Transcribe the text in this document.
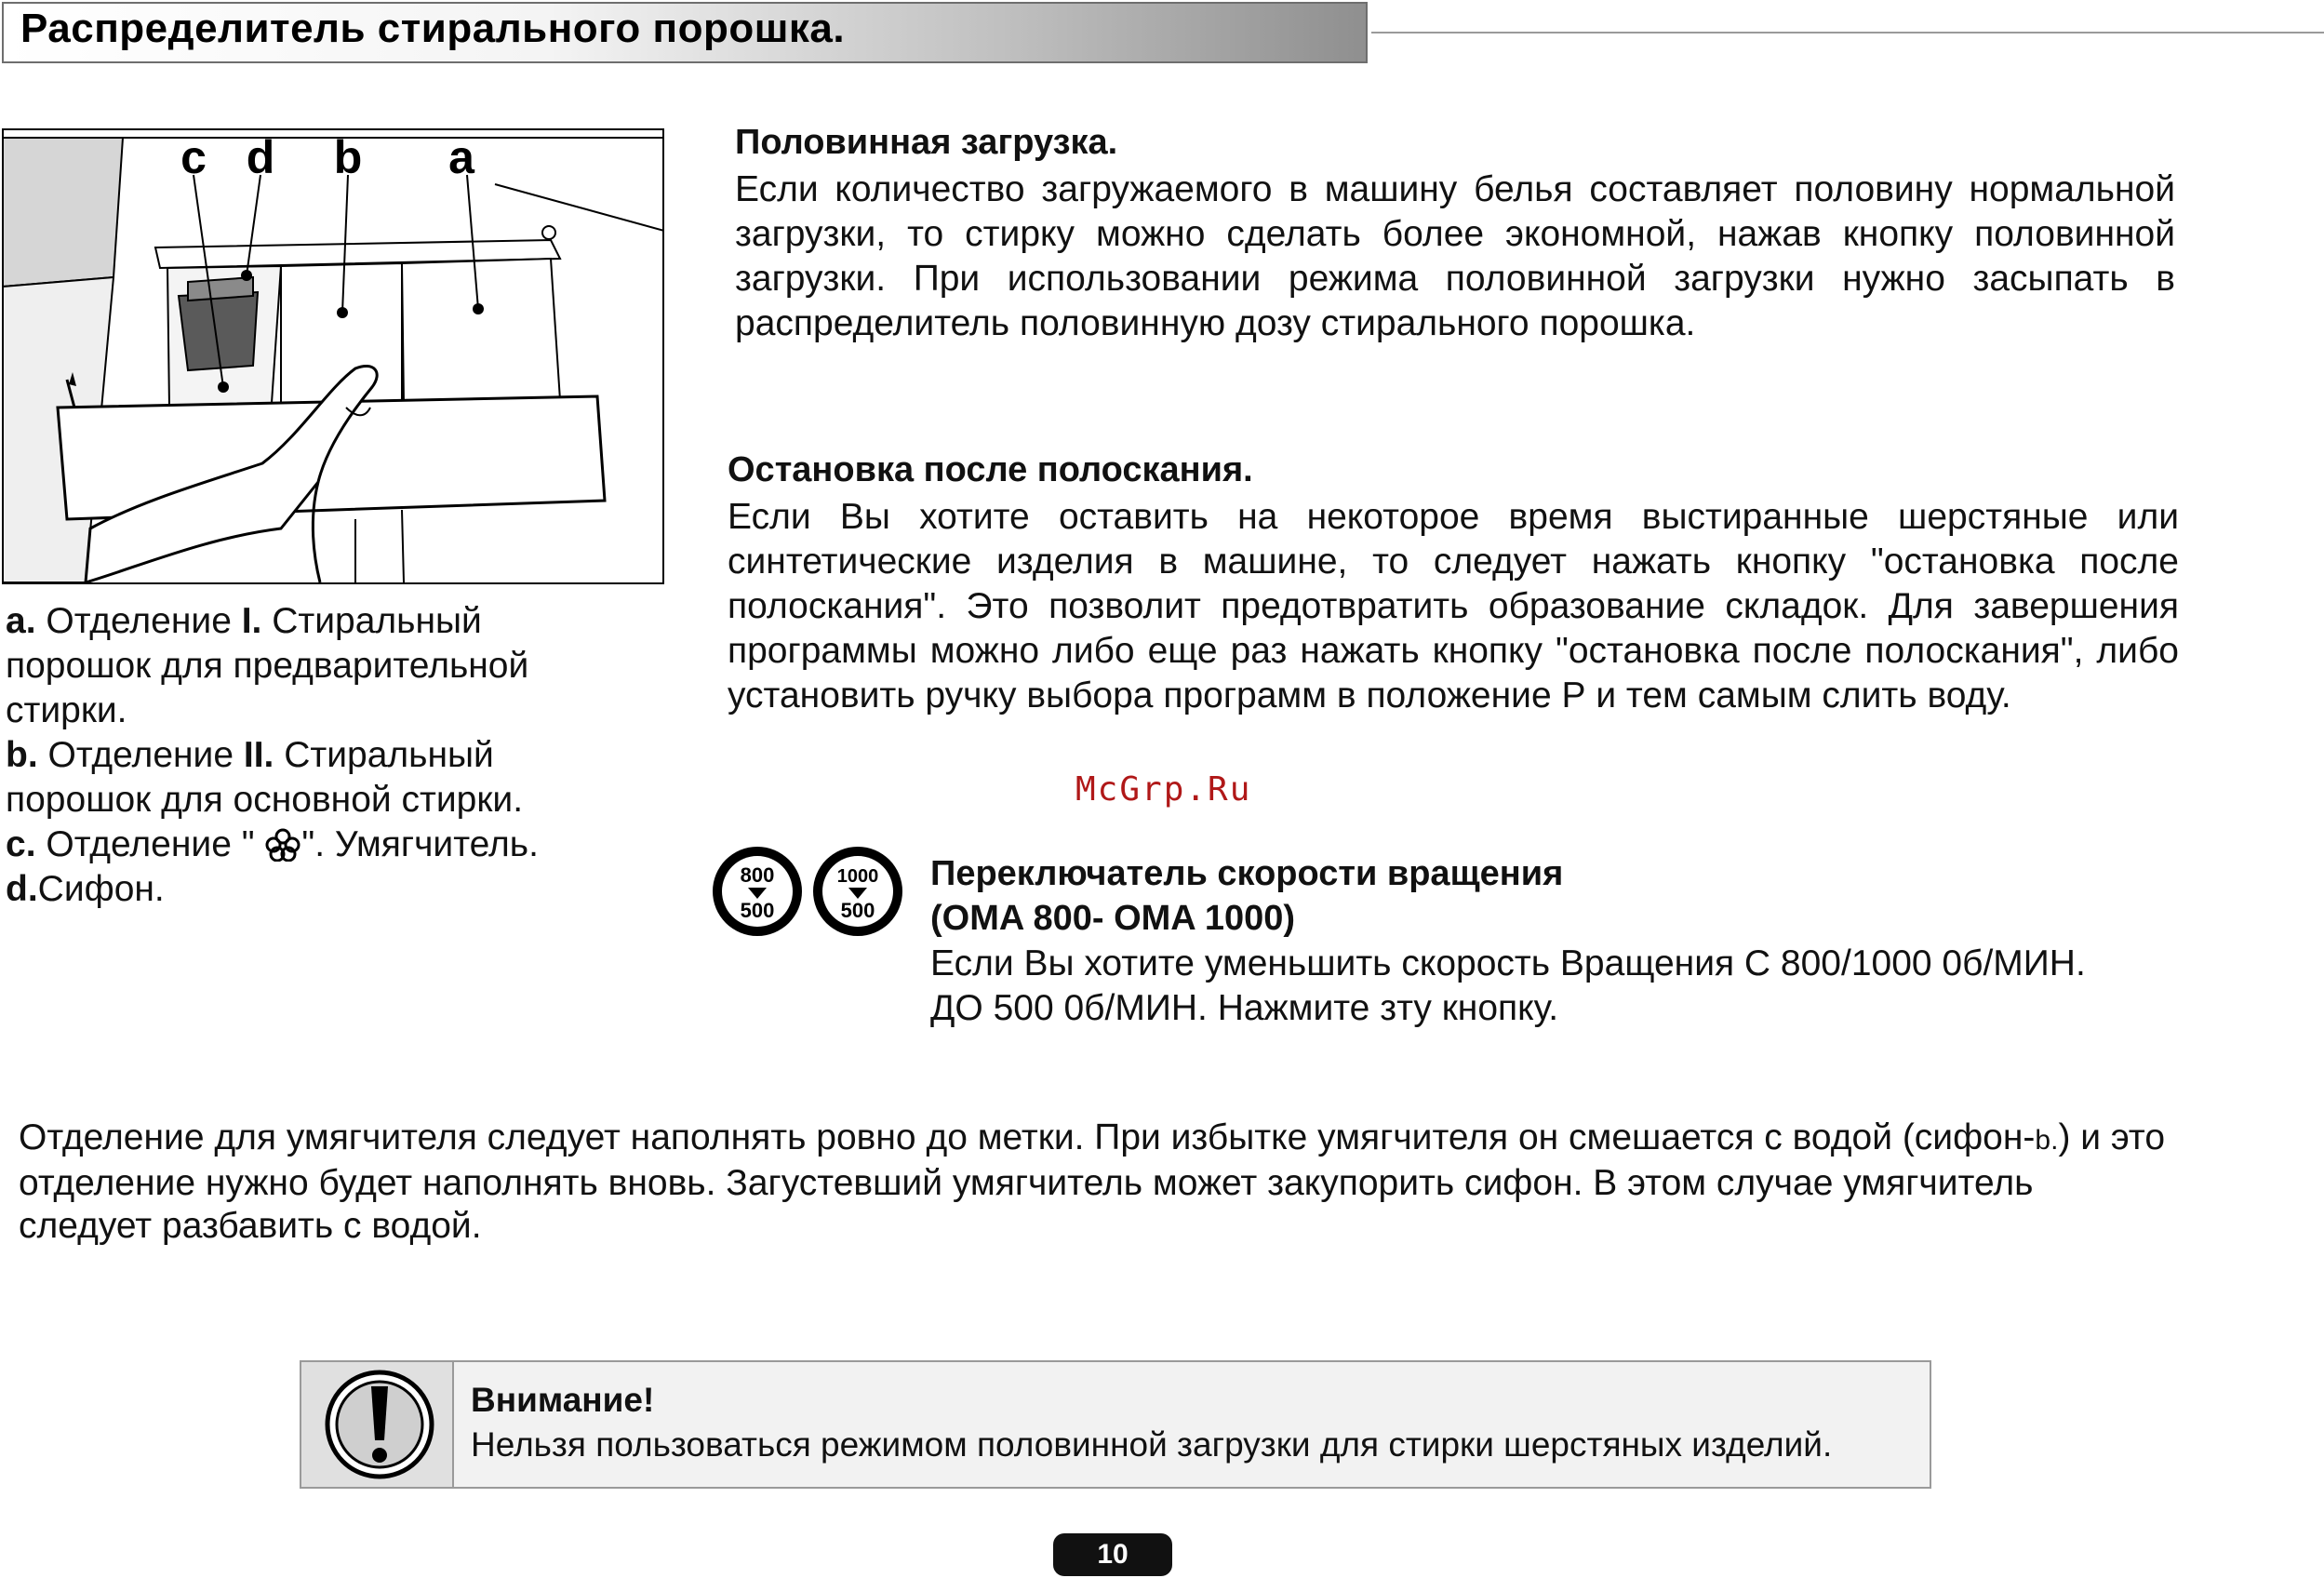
Распределитель стирального порошка.
c d b a
a. Отделение I. Стиральный
порошок для предварительной
стирки.
b. Отделение II. Стиральный
порошок для основной стирки.
c. Отделение " ". Умягчитель.
d.Сифон.
Половинная загрузка.
Если количество загружаемого в машину белья составляет половину нормальной загрузки, то стирку можно сделать более экономной, нажав кнопку половинной загрузки. При использовании режима половинной загрузки нужно засыпать в распределитель половинную дозу стирального порошка.
Остановка после полоскания.
Если Вы хотите оставить на некоторое время выстиранные шерстяные или синтетические изделия в машине, то следует нажать кнопку "остановка после полоскания". Это позволит предотвратить образование складок. Для завершения программы можно либо еще раз нажать кнопку "остановка после полоскания", либо установить ручку выбора программ в положение Р и тем самым слить воду.
McGrp.Ru
800
500
1000
500
Переключатель скорости вращения
(OMA 800- OMA 1000)
Если Вы хотите уменьшить скорость Вращения С 800/1000 0б/МИН.
ДО 500 0б/МИН. Нажмите зту кнопку.
Отделение для умягчителя следует наполнять ровно до метки. При избытке умягчителя он смешается с водой (сифон-b.) и это отделение нужно будет наполнять вновь. Загустевший умягчитель может закупорить сифон. В этом случае умягчитель следует разбавить с водой.
Внимание!
Нельзя пользоваться режимом половинной загрузки для стирки шерстяных изделий.
10
